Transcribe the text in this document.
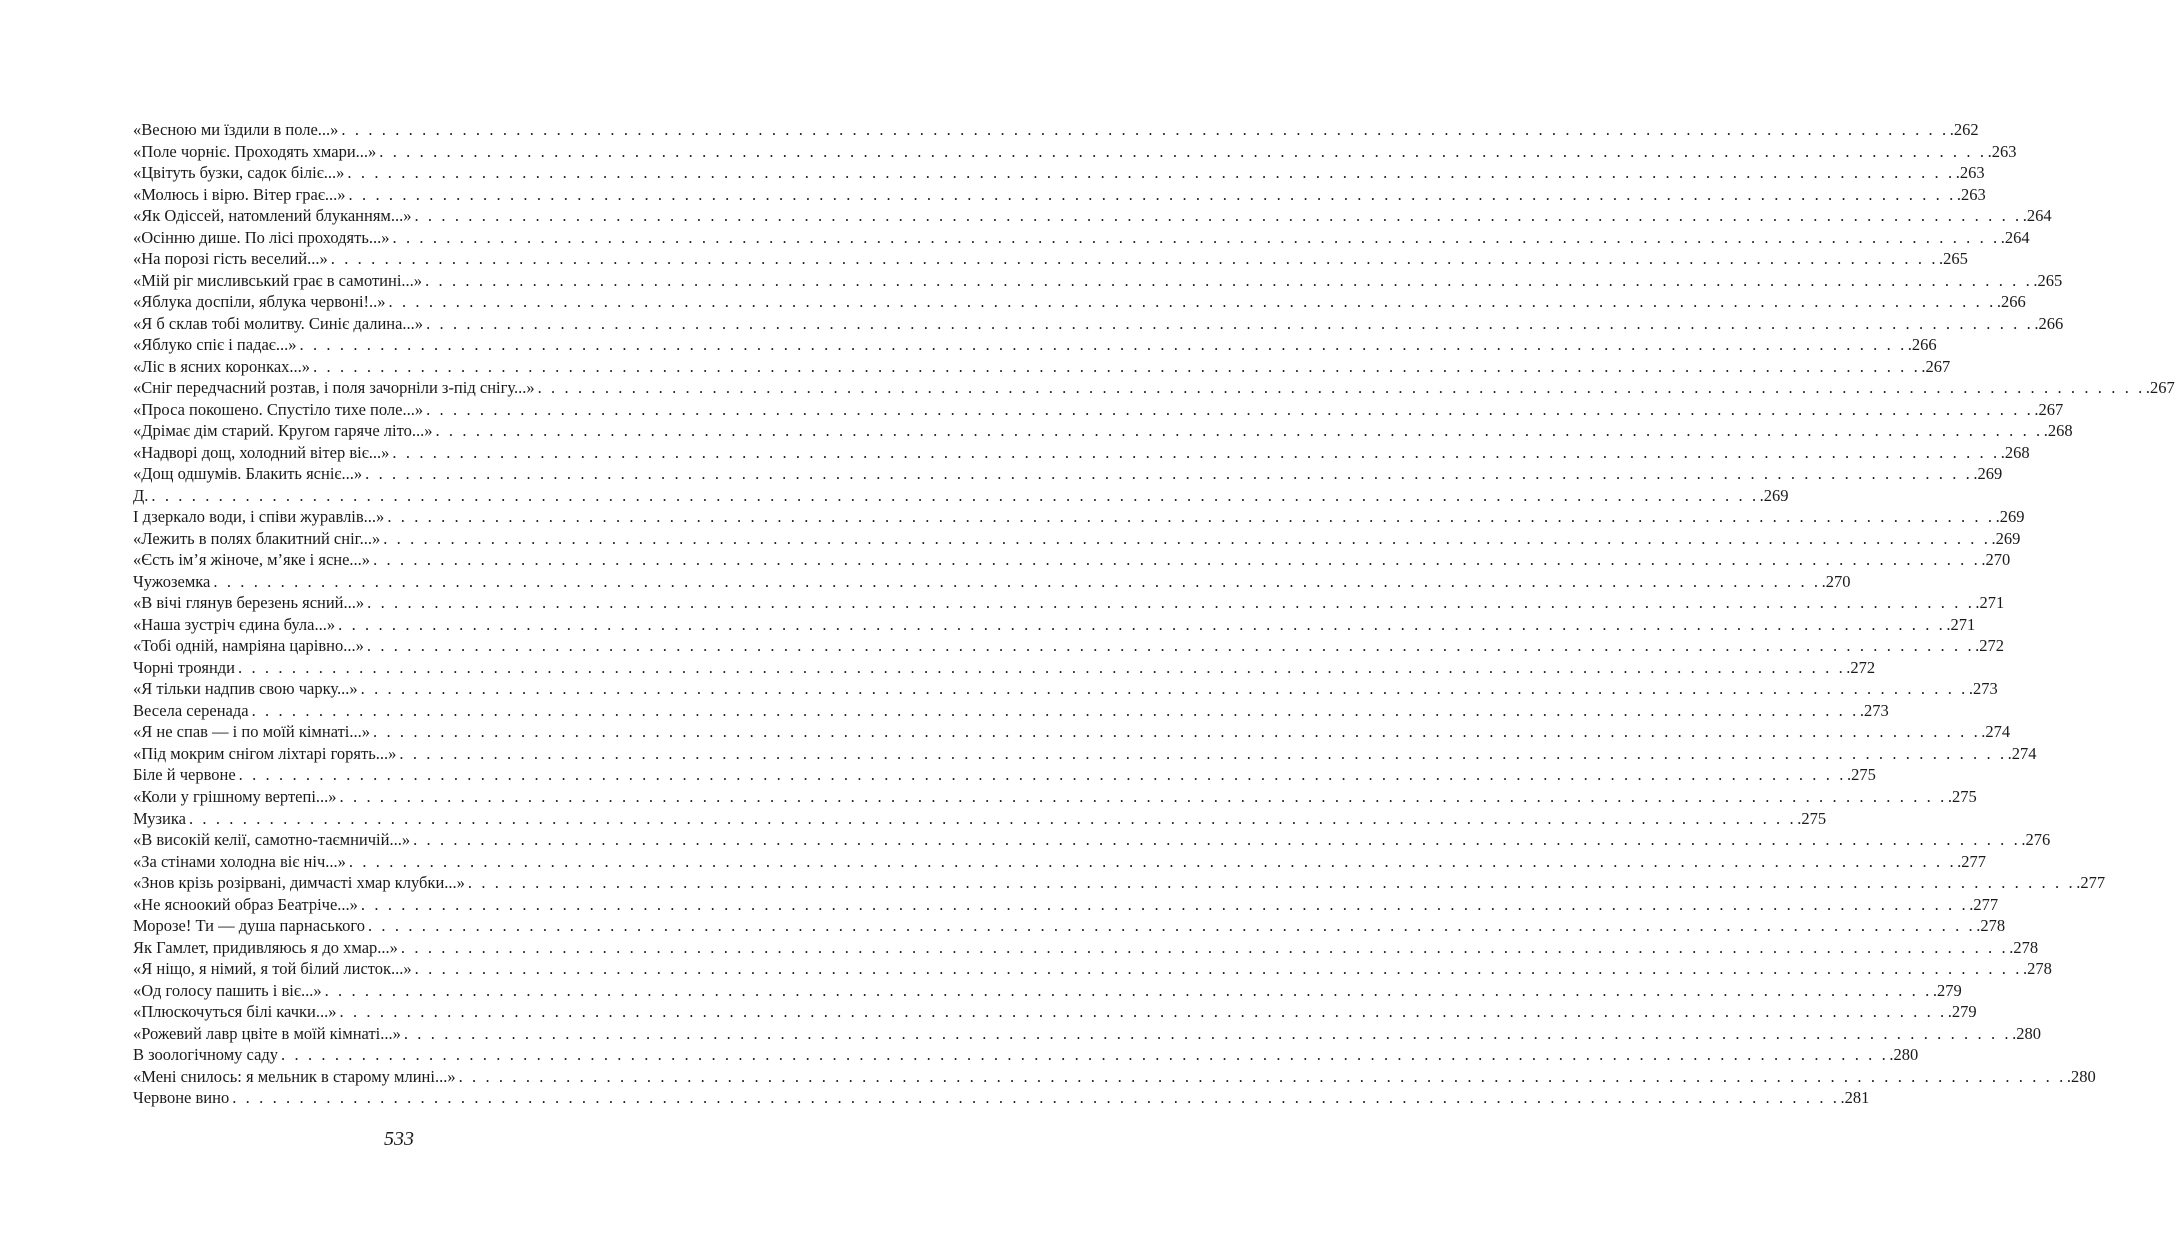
«Весною ми їздили в поле...» . . . . . . . . . . . . . . . . . . . . . . . . . . . . . . . . . . . . . . . . . . . . . . . . . . . . . . . . . . . . . . . . . . . . . . . . . . . . . . . . . . . . . . . . . . . . . . . . . . . . . . . . . . . . . . . . . . . . . . . . .262
«Поле чорніє. Проходять хмари...» . . . . . . . . . . . . . . . . . . . . . . . . . . . . . . . . . . . . . . . . . . . . . . . . . . . . . . . . . . . . . . . . . . . . . . . . . . . . . . . . . . . . . . . . . . . . . . . . . . . . . . . . . . . . . . . . . . . . . . . . .263
«Цвітуть бузки, садок біліє...» . . . . . . . . . . . . . . . . . . . . . . . . . . . . . . . . . . . . . . . . . . . . . . . . . . . . . . . . . . . . . . . . . . . . . . . . . . . . . . . . . . . . . . . . . . . . . . . . . . . . . . . . . . . . . . . . . . . . . . . . .263
«Молюсь і вірю. Вітер грає...» . . . . . . . . . . . . . . . . . . . . . . . . . . . . . . . . . . . . . . . . . . . . . . . . . . . . . . . . . . . . . . . . . . . . . . . . . . . . . . . . . . . . . . . . . . . . . . . . . . . . . . . . . . . . . . . . . . . . . . . . .263
«Як Одіссей, натомлений блуканням...» . . . . . . . . . . . . . . . . . . . . . . . . . . . . . . . . . . . . . . . . . . . . . . . . . . . . . . . . . . . . . . . . . . . . . . . . . . . . . . . . . . . . . . . . . . . . . . . . . . . . . . . . . . . . . . . . . . . . . . . . .264
«Осінню дише. По лісі проходять...» . . . . . . . . . . . . . . . . . . . . . . . . . . . . . . . . . . . . . . . . . . . . . . . . . . . . . . . . . . . . . . . . . . . . . . . . . . . . . . . . . . . . . . . . . . . . . . . . . . . . . . . . . . . . . . . . . . . . . . . . .264
«На порозі гість веселий...» . . . . . . . . . . . . . . . . . . . . . . . . . . . . . . . . . . . . . . . . . . . . . . . . . . . . . . . . . . . . . . . . . . . . . . . . . . . . . . . . . . . . . . . . . . . . . . . . . . . . . . . . . . . . . . . . . . . . . . . . .265
«Мій ріг мисливський грає в самотині...» . . . . . . . . . . . . . . . . . . . . . . . . . . . . . . . . . . . . . . . . . . . . . . . . . . . . . . . . . . . . . . . . . . . . . . . . . . . . . . . . . . . . . . . . . . . . . . . . . . . . . . . . . . . . . . . . . . . . . . . . .265
«Яблука доспіли, яблука червоні!..» . . . . . . . . . . . . . . . . . . . . . . . . . . . . . . . . . . . . . . . . . . . . . . . . . . . . . . . . . . . . . . . . . . . . . . . . . . . . . . . . . . . . . . . . . . . . . . . . . . . . . . . . . . . . . . . . . . . . . . . . .266
«Я б склав тобі молитву. Синіє далина...» . . . . . . . . . . . . . . . . . . . . . . . . . . . . . . . . . . . . . . . . . . . . . . . . . . . . . . . . . . . . . . . . . . . . . . . . . . . . . . . . . . . . . . . . . . . . . . . . . . . . . . . . . . . . . . . . . . . . . . . . .266
«Яблуко спіє і падає...» . . . . . . . . . . . . . . . . . . . . . . . . . . . . . . . . . . . . . . . . . . . . . . . . . . . . . . . . . . . . . . . . . . . . . . . . . . . . . . . . . . . . . . . . . . . . . . . . . . . . . . . . . . . . . . . . . . . . . . . . .266
«Ліс в ясних коронках...» . . . . . . . . . . . . . . . . . . . . . . . . . . . . . . . . . . . . . . . . . . . . . . . . . . . . . . . . . . . . . . . . . . . . . . . . . . . . . . . . . . . . . . . . . . . . . . . . . . . . . . . . . . . . . . . . . . . . . . . . .267
«Сніг передчасний розтав, і поля зачорніли з-під снігу...» . . . . . . . . . . . . . . . . . . . . . . . . . . . . . . . . . . . . . . . . . . . . . . . . . . . . . . . . . . . . . . . . . . . . . . . . . . . . . . . . . . . . . . . . . . . . . . . . . . . . . . . . . . . . . . . . . . . . . . . . .267
«Проса покошено. Спустіло тихе поле...» . . . . . . . . . . . . . . . . . . . . . . . . . . . . . . . . . . . . . . . . . . . . . . . . . . . . . . . . . . . . . . . . . . . . . . . . . . . . . . . . . . . . . . . . . . . . . . . . . . . . . . . . . . . . . . . . . . . . . . . . .267
«Дрімає дім старий. Кругом гаряче літо...» . . . . . . . . . . . . . . . . . . . . . . . . . . . . . . . . . . . . . . . . . . . . . . . . . . . . . . . . . . . . . . . . . . . . . . . . . . . . . . . . . . . . . . . . . . . . . . . . . . . . . . . . . . . . . . . . . . . . . . . . .268
«Надворі дощ, холодний вітер віє...» . . . . . . . . . . . . . . . . . . . . . . . . . . . . . . . . . . . . . . . . . . . . . . . . . . . . . . . . . . . . . . . . . . . . . . . . . . . . . . . . . . . . . . . . . . . . . . . . . . . . . . . . . . . . . . . . . . . . . . . . .268
«Дощ одшумів. Блакить ясніє...» . . . . . . . . . . . . . . . . . . . . . . . . . . . . . . . . . . . . . . . . . . . . . . . . . . . . . . . . . . . . . . . . . . . . . . . . . . . . . . . . . . . . . . . . . . . . . . . . . . . . . . . . . . . . . . . . . . . . . . . . .269
Д. . . . . . . . . . . . . . . . . . . . . . . . . . . . . . . . . . . . . . . . . . . . . . . . . . . . . . . . . . . . . . . . . . . . . . . . . . . . . . . . . . . . . . . . . . . . . . . . . . . . . . . . . . . . . . . . . . . . . . . . . .269
І дзеркало води, і співи журавлів...» . . . . . . . . . . . . . . . . . . . . . . . . . . . . . . . . . . . . . . . . . . . . . . . . . . . . . . . . . . . . . . . . . . . . . . . . . . . . . . . . . . . . . . . . . . . . . . . . . . . . . . . . . . . . . . . . . . . . . . . . .269
«Лежить в полях блакитний сніг...» . . . . . . . . . . . . . . . . . . . . . . . . . . . . . . . . . . . . . . . . . . . . . . . . . . . . . . . . . . . . . . . . . . . . . . . . . . . . . . . . . . . . . . . . . . . . . . . . . . . . . . . . . . . . . . . . . . . . . . . . .269
«Єсть ім’я жіноче, м’яке і ясне...» . . . . . . . . . . . . . . . . . . . . . . . . . . . . . . . . . . . . . . . . . . . . . . . . . . . . . . . . . . . . . . . . . . . . . . . . . . . . . . . . . . . . . . . . . . . . . . . . . . . . . . . . . . . . . . . . . . . . . . . . .270
Чужоземка . . . . . . . . . . . . . . . . . . . . . . . . . . . . . . . . . . . . . . . . . . . . . . . . . . . . . . . . . . . . . . . . . . . . . . . . . . . . . . . . . . . . . . . . . . . . . . . . . . . . . . . . . . . . . . . . . . . . . . . . .270
«В вічі глянув березень ясний...» . . . . . . . . . . . . . . . . . . . . . . . . . . . . . . . . . . . . . . . . . . . . . . . . . . . . . . . . . . . . . . . . . . . . . . . . . . . . . . . . . . . . . . . . . . . . . . . . . . . . . . . . . . . . . . . . . . . . . . . . .271
«Наша зустріч єдина була...» . . . . . . . . . . . . . . . . . . . . . . . . . . . . . . . . . . . . . . . . . . . . . . . . . . . . . . . . . . . . . . . . . . . . . . . . . . . . . . . . . . . . . . . . . . . . . . . . . . . . . . . . . . . . . . . . . . . . . . . . .271
«Тобі одній, намріяна царівно...» . . . . . . . . . . . . . . . . . . . . . . . . . . . . . . . . . . . . . . . . . . . . . . . . . . . . . . . . . . . . . . . . . . . . . . . . . . . . . . . . . . . . . . . . . . . . . . . . . . . . . . . . . . . . . . . . . . . . . . . . .272
Чорні троянди . . . . . . . . . . . . . . . . . . . . . . . . . . . . . . . . . . . . . . . . . . . . . . . . . . . . . . . . . . . . . . . . . . . . . . . . . . . . . . . . . . . . . . . . . . . . . . . . . . . . . . . . . . . . . . . . . . . . . . . . .272
«Я тільки надпив свою чарку...» . . . . . . . . . . . . . . . . . . . . . . . . . . . . . . . . . . . . . . . . . . . . . . . . . . . . . . . . . . . . . . . . . . . . . . . . . . . . . . . . . . . . . . . . . . . . . . . . . . . . . . . . . . . . . . . . . . . . . . . . .273
Весела серенада . . . . . . . . . . . . . . . . . . . . . . . . . . . . . . . . . . . . . . . . . . . . . . . . . . . . . . . . . . . . . . . . . . . . . . . . . . . . . . . . . . . . . . . . . . . . . . . . . . . . . . . . . . . . . . . . . . . . . . . . .273
«Я не спав — і по моїй кімнаті...» . . . . . . . . . . . . . . . . . . . . . . . . . . . . . . . . . . . . . . . . . . . . . . . . . . . . . . . . . . . . . . . . . . . . . . . . . . . . . . . . . . . . . . . . . . . . . . . . . . . . . . . . . . . . . . . . . . . . . . . . .274
«Під мокрим снігом ліхтарі горять...» . . . . . . . . . . . . . . . . . . . . . . . . . . . . . . . . . . . . . . . . . . . . . . . . . . . . . . . . . . . . . . . . . . . . . . . . . . . . . . . . . . . . . . . . . . . . . . . . . . . . . . . . . . . . . . . . . . . . . . . . .274
Біле й червоне . . . . . . . . . . . . . . . . . . . . . . . . . . . . . . . . . . . . . . . . . . . . . . . . . . . . . . . . . . . . . . . . . . . . . . . . . . . . . . . . . . . . . . . . . . . . . . . . . . . . . . . . . . . . . . . . . . . . . . . . .275
«Коли у грішному вертепі...» . . . . . . . . . . . . . . . . . . . . . . . . . . . . . . . . . . . . . . . . . . . . . . . . . . . . . . . . . . . . . . . . . . . . . . . . . . . . . . . . . . . . . . . . . . . . . . . . . . . . . . . . . . . . . . . . . . . . . . . . .275
Музика . . . . . . . . . . . . . . . . . . . . . . . . . . . . . . . . . . . . . . . . . . . . . . . . . . . . . . . . . . . . . . . . . . . . . . . . . . . . . . . . . . . . . . . . . . . . . . . . . . . . . . . . . . . . . . . . . . . . . . . . .275
«В високій келії, самотно-таємничій...» . . . . . . . . . . . . . . . . . . . . . . . . . . . . . . . . . . . . . . . . . . . . . . . . . . . . . . . . . . . . . . . . . . . . . . . . . . . . . . . . . . . . . . . . . . . . . . . . . . . . . . . . . . . . . . . . . . . . . . . . .276
«За стінами холодна віє ніч...» . . . . . . . . . . . . . . . . . . . . . . . . . . . . . . . . . . . . . . . . . . . . . . . . . . . . . . . . . . . . . . . . . . . . . . . . . . . . . . . . . . . . . . . . . . . . . . . . . . . . . . . . . . . . . . . . . . . . . . . . .277
«Знов крізь розірвані, димчасті хмар клубки...» . . . . . . . . . . . . . . . . . . . . . . . . . . . . . . . . . . . . . . . . . . . . . . . . . . . . . . . . . . . . . . . . . . . . . . . . . . . . . . . . . . . . . . . . . . . . . . . . . . . . . . . . . . . . . . . . . . . . . . . . .277
«Не ясноокий образ Беатріче...» . . . . . . . . . . . . . . . . . . . . . . . . . . . . . . . . . . . . . . . . . . . . . . . . . . . . . . . . . . . . . . . . . . . . . . . . . . . . . . . . . . . . . . . . . . . . . . . . . . . . . . . . . . . . . . . . . . . . . . . . .277
Морозе! Ти — душа парнаського . . . . . . . . . . . . . . . . . . . . . . . . . . . . . . . . . . . . . . . . . . . . . . . . . . . . . . . . . . . . . . . . . . . . . . . . . . . . . . . . . . . . . . . . . . . . . . . . . . . . . . . . . . . . . . . . . . . . . . . . .278
Як Гамлет, придивляюсь я до хмар...» . . . . . . . . . . . . . . . . . . . . . . . . . . . . . . . . . . . . . . . . . . . . . . . . . . . . . . . . . . . . . . . . . . . . . . . . . . . . . . . . . . . . . . . . . . . . . . . . . . . . . . . . . . . . . . . . . . . . . . . . .278
«Я ніщо, я німий, я той білий листок...» . . . . . . . . . . . . . . . . . . . . . . . . . . . . . . . . . . . . . . . . . . . . . . . . . . . . . . . . . . . . . . . . . . . . . . . . . . . . . . . . . . . . . . . . . . . . . . . . . . . . . . . . . . . . . . . . . . . . . . . . .278
«Од голосу пашить і віє...» . . . . . . . . . . . . . . . . . . . . . . . . . . . . . . . . . . . . . . . . . . . . . . . . . . . . . . . . . . . . . . . . . . . . . . . . . . . . . . . . . . . . . . . . . . . . . . . . . . . . . . . . . . . . . . . . . . . . . . . . .279
«Плюскочуться білі качки...» . . . . . . . . . . . . . . . . . . . . . . . . . . . . . . . . . . . . . . . . . . . . . . . . . . . . . . . . . . . . . . . . . . . . . . . . . . . . . . . . . . . . . . . . . . . . . . . . . . . . . . . . . . . . . . . . . . . . . . . . .279
«Рожевий лавр цвіте в моїй кімнаті...» . . . . . . . . . . . . . . . . . . . . . . . . . . . . . . . . . . . . . . . . . . . . . . . . . . . . . . . . . . . . . . . . . . . . . . . . . . . . . . . . . . . . . . . . . . . . . . . . . . . . . . . . . . . . . . . . . . . . . . . . .280
В зоологічному саду . . . . . . . . . . . . . . . . . . . . . . . . . . . . . . . . . . . . . . . . . . . . . . . . . . . . . . . . . . . . . . . . . . . . . . . . . . . . . . . . . . . . . . . . . . . . . . . . . . . . . . . . . . . . . . . . . . . . . . . . .280
«Мені снилось: я мельник в старому млині...» . . . . . . . . . . . . . . . . . . . . . . . . . . . . . . . . . . . . . . . . . . . . . . . . . . . . . . . . . . . . . . . . . . . . . . . . . . . . . . . . . . . . . . . . . . . . . . . . . . . . . . . . . . . . . . . . . . . . . . . . .280
Червоне вино . . . . . . . . . . . . . . . . . . . . . . . . . . . . . . . . . . . . . . . . . . . . . . . . . . . . . . . . . . . . . . . . . . . . . . . . . . . . . . . . . . . . . . . . . . . . . . . . . . . . . . . . . . . . . . . . . . . . . . . . .281
533
